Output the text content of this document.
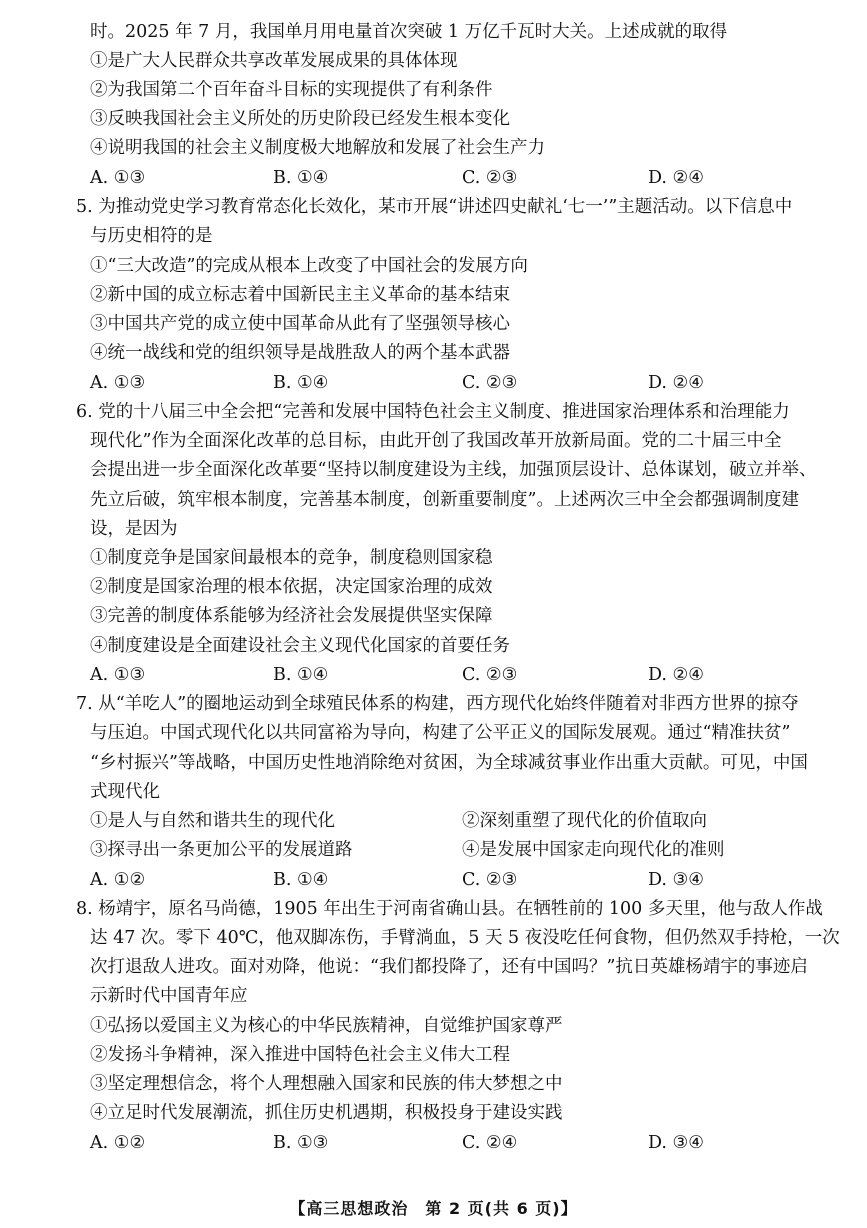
时。2025 年 7 月，我国单月用电量首次突破 1 万亿千瓦时大关。上述成就的取得
①是广大人民群众共享改革发展成果的具体体现
②为我国第二个百年奋斗目标的实现提供了有利条件
③反映我国社会主义所处的历史阶段已经发生根本变化
④说明我国的社会主义制度极大地解放和发展了社会生产力
A. ①③	B. ①④	C. ②③	D. ②④
5. 为推动党史学习教育常态化长效化，某市开展“讲述四史献礼‘七一’”主题活动。以下信息中
与历史相符的是
①“三大改造”的完成从根本上改变了中国社会的发展方向
②新中国的成立标志着中国新民主主义革命的基本结束
③中国共产党的成立使中国革命从此有了坚强领导核心
④统一战线和党的组织领导是战胜敌人的两个基本武器
A. ①③	B. ①④	C. ②③	D. ②④
6. 党的十八届三中全会把“完善和发展中国特色社会主义制度、推进国家治理体系和治理能力
现代化”作为全面深化改革的总目标，由此开创了我国改革开放新局面。党的二十届三中全
会提出进一步全面深化改革要“坚持以制度建设为主线，加强顶层设计、总体谋划，破立并举、
先立后破，筑牢根本制度，完善基本制度，创新重要制度”。上述两次三中全会都强调制度建
设，是因为
①制度竞争是国家间最根本的竞争，制度稳则国家稳
②制度是国家治理的根本依据，决定国家治理的成效
③完善的制度体系能够为经济社会发展提供坚实保障
④制度建设是全面建设社会主义现代化国家的首要任务
A. ①③	B. ①④	C. ②③	D. ②④
7. 从“羊吃人”的圈地运动到全球殖民体系的构建，西方现代化始终伴随着对非西方世界的掠夺
与压迫。中国式现代化以共同富裕为导向，构建了公平正义的国际发展观。通过“精准扶贫”
“乡村振兴”等战略，中国历史性地消除绝对贫困，为全球减贫事业作出重大贡献。可见，中国
式现代化
①是人与自然和谐共生的现代化	②深刻重塑了现代化的价值取向
③探寻出一条更加公平的发展道路	④是发展中国家走向现代化的准则
A. ①②	B. ①④	C. ②③	D. ③④
8. 杨靖宇，原名马尚德，1905 年出生于河南省确山县。在牺牲前的 100 多天里，他与敌人作战
达 47 次。零下 40℃，他双脚冻伤，手臂淌血，5 天 5 夜没吃任何食物，但仍然双手持枪，一次
次打退敌人进攻。面对劝降，他说：“我们都投降了，还有中国吗？”抗日英雄杨靖宇的事迹启
示新时代中国青年应
①弘扬以爱国主义为核心的中华民族精神，自觉维护国家尊严
②发扬斗争精神，深入推进中国特色社会主义伟大工程
③坚定理想信念，将个人理想融入国家和民族的伟大梦想之中
④立足时代发展潮流，抓住历史机遇期，积极投身于建设实践
A. ①②	B. ①③	C. ②④	D. ③④
【高三思想政治　第 2 页(共 6 页)】
